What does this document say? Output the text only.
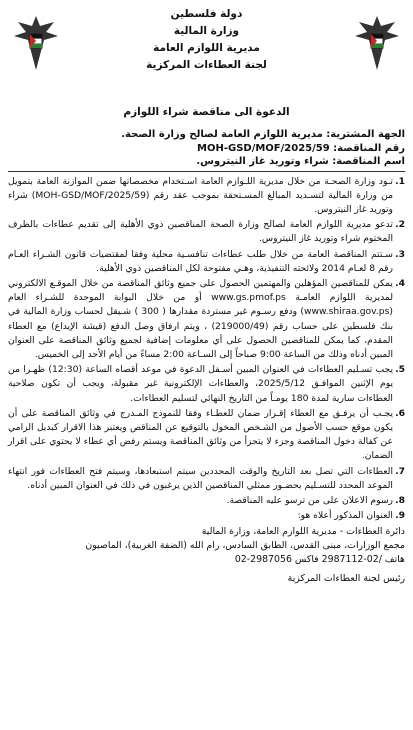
دولة فلسطين
وزارة المالية
مديرية اللوازم العامة
لجنة العطاءات المركزية
الدعوة الى مناقصة شراء اللوازم
الجهة المشترية: مديرية اللوازم العامة لصالح وزارة الصحة.
رقم المناقصة: MOH-GSD/MOF/2025/59
اسم المناقصة: شراء وتوريد غاز النيتروس.
1.
تـود وزارة الصحـة من خلال مديرية اللـوازم العامة اسـتخدام مخصصاتها ضمن الموازنة العامة بتمويل من وزارة المالية لتسـديد المبالغ المسـتحقة بموجب عقد رقم (MOH-GSD/MOF/2025/59) شراء وتوريد غاز النيتروس.
2.
تدعو مديرية اللوازم العامة لصالح وزارة الصحة المناقصين ذوي الأهلية إلى تقديم عطاءات بالظرف المختوم شراء وتوريد غاز النيتروس.
3.
سـتتم المناقصة العامة من خلال طلب عطاءات تنافسـية محلية وفقا لمقتضيات قانون الشـراء العـام رقم 8 لعـام 2014 ولائحته التنفيذية، وهـي مفتوحة لكل المناقصين ذوي الأهلية.
4.
يمكن للمناقصين المؤهلين والمهتمين الحصول على جميع وثائق المناقصة من خلال الموقـع الالكتروني لمديرية اللوازم العامـة www.gs.pmof.ps أو من خلال البوابة الموحدة للشـراء العام (www.shiraa.gov.ps) ودفع رسـوم غير مستردة مقدارها ( 300 ) شـيقل لحساب وزارة المالية في بنك فلسطين على حساب رقم (219000/49) ، ويتم ارفاق وصل الدفع (قيشة الإيداع) مع العطاء المقدم، كما يمكن للمناقصين الحصول على أي معلومات إضافية لجميع وثائق المناقصة على العنوان المبين أدناه وذلك من الساعة 9:00 صباحاً إلى السـاعة 2:00 مساءً من أيام الأحد إلى الخميس.
5.
يجب تسـليم العطاءات في العنوان المبين أسـفل الدعوة في موعد أقصاه الساعة (12:30) ظهـرا من يوم الإثنين الموافـق 2025/5/12، والعطاءات الإلكترونية غير مقبولة، ويجب أن تكون صلاحية العطاءات سارية لمدة 180 يومـاً من التاريخ النهائي لتسليم العطاءات.
6.
يجـب أن يرفـق مع العطاء إقـرار ضمان للعطـاء وفقا للنموذج المـدرج في وثائق المناقصة على أن يكون موقع حسب الأصول من الشـخص المخول بالتوقيع عن المناقص ويعتبر هذا الاقرار كبديل الزامي عن كفالة دخول المناقصة وجزء لا يتجزأ من وثائق المناقصة ويستم رفض أي عطاء لا يحتوي على اقرار الضمان.
7.
العطاءات التي تصل بعد التاريخ والوقت المحددين سيتم استبعادها، وسيتم فتح العطاءات فور انتهاء الموعد المحدد للتسـليم بحضـور ممثلي المناقصين الذين يرغبون في ذلك في العنوان المبين أدناه.
8.
رسوم الاعلان على من ترسو عليه المناقصة.
9.
العنوان المذكور أعلاه هو:
دائرة العطاءات - مديرية اللوازم العامة، وزارة المالية
مجمع الوزارات، مبنى القدس، الطابق السادس، رام الله (الضفة الغربية)، الماصيون
هاتف /02-2987112 فاكس 2987056-02
رئيس لجنة العطاءات المركزية
